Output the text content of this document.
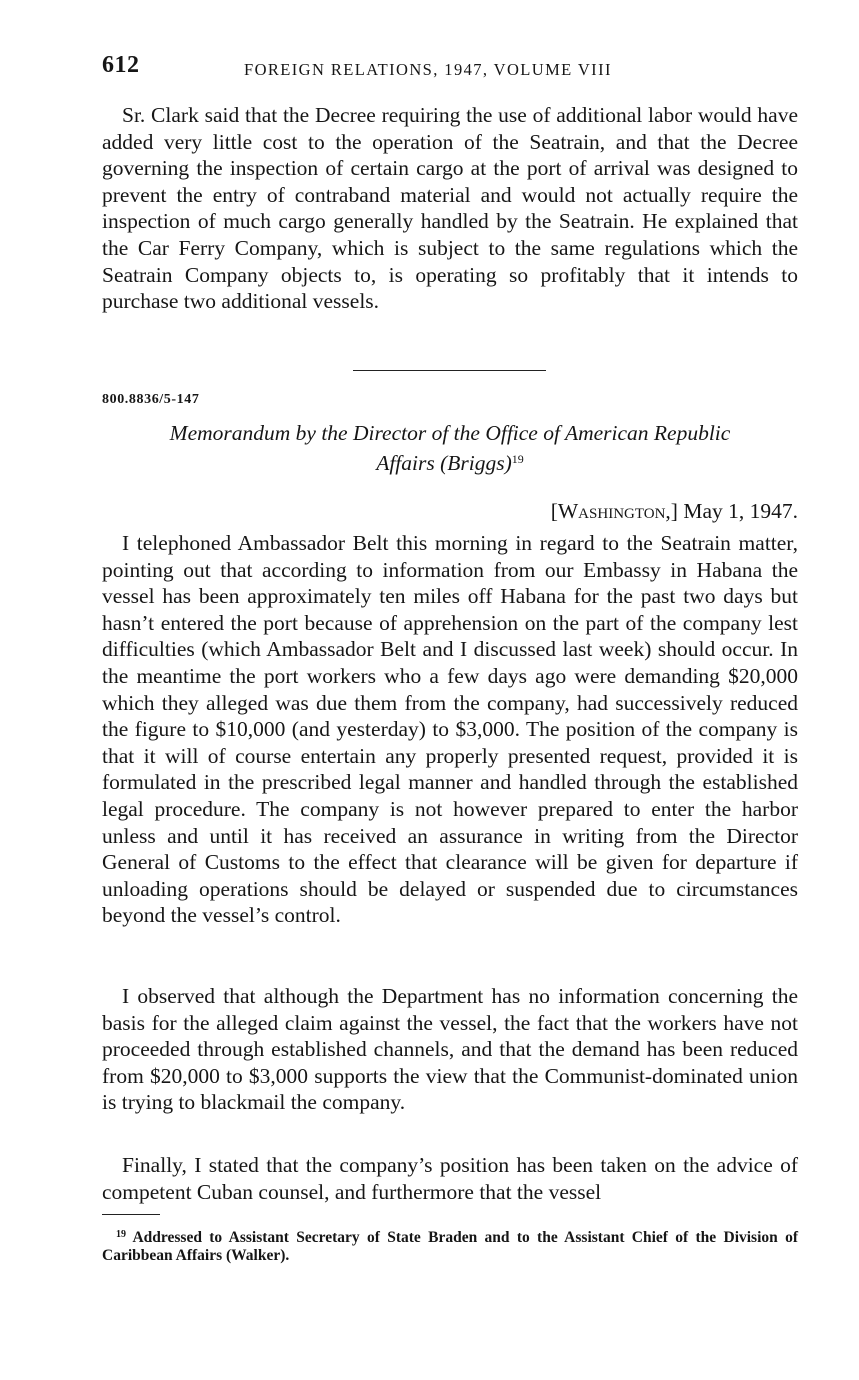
612	FOREIGN RELATIONS, 1947, VOLUME VIII

Sr. Clark said that the Decree requiring the use of additional labor would have added very little cost to the operation of the Seatrain, and that the Decree governing the inspection of certain cargo at the port of arrival was designed to prevent the entry of contraband material and would not actually require the inspection of much cargo generally handled by the Seatrain. He explained that the Car Ferry Company, which is subject to the same regulations which the Seatrain Company objects to, is operating so profitably that it intends to purchase two additional vessels.

800.8836/5-147

Memorandum by the Director of the Office of American Republic
Affairs (Briggs)$^{19}$

[Washington,] May 1, 1947.

I telephoned Ambassador Belt this morning in regard to the Seatrain matter, pointing out that according to information from our Embassy in Habana the vessel has been approximately ten miles off Habana for the past two days but hasn’t entered the port because of apprehension on the part of the company lest difficulties (which Ambassador Belt and I discussed last week) should occur. In the meantime the port workers who a few days ago were demanding $20,000 which they alleged was due them from the company, had successively reduced the figure to $10,000 (and yesterday) to $3,000. The position of the company is that it will of course entertain any properly presented request, provided it is formulated in the prescribed legal manner and handled through the established legal procedure. The company is not however prepared to enter the harbor unless and until it has received an assurance in writing from the Director General of Customs to the effect that clearance will be given for departure if unloading operations should be delayed or suspended due to circumstances beyond the vessel’s control.

I observed that although the Department has no information concerning the basis for the alleged claim against the vessel, the fact that the workers have not proceeded through established channels, and that the demand has been reduced from $20,000 to $3,000 supports the view that the Communist-dominated union is trying to blackmail the company.

Finally, I stated that the company’s position has been taken on the advice of competent Cuban counsel, and furthermore that the vessel

$^{19}$ Addressed to Assistant Secretary of State Braden and to the Assistant Chief of the Division of Caribbean Affairs (Walker).
